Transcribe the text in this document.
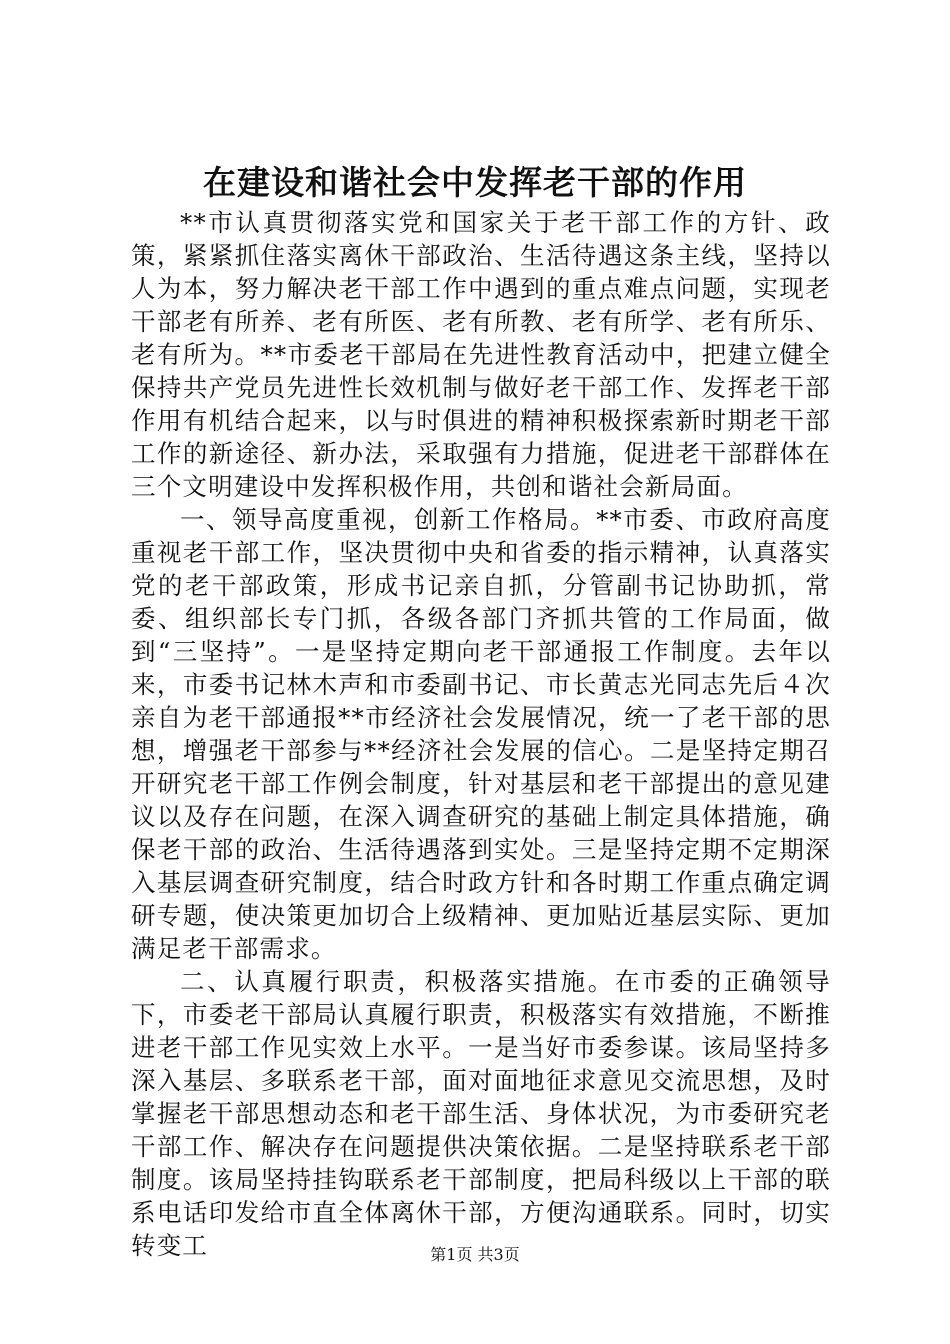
在建设和谐社会中发挥老干部的作用

**市认真贯彻落实党和国家关于老干部工作的方针、政策，紧紧抓住落实离休干部政治、生活待遇这条主线，坚持以人为本，努力解决老干部工作中遇到的重点难点问题，实现老干部老有所养、老有所医、老有所教、老有所学、老有所乐、老有所为。**市委老干部局在先进性教育活动中，把建立健全保持共产党员先进性长效机制与做好老干部工作、发挥老干部作用有机结合起来，以与时俱进的精神积极探索新时期老干部工作的新途径、新办法，采取强有力措施，促进老干部群体在三个文明建设中发挥积极作用，共创和谐社会新局面。

一、领导高度重视，创新工作格局。**市委、市政府高度重视老干部工作，坚决贯彻中央和省委的指示精神，认真落实党的老干部政策，形成书记亲自抓，分管副书记协助抓，常委、组织部长专门抓，各级各部门齐抓共管的工作局面，做到“三坚持”。一是坚持定期向老干部通报工作制度。去年以来，市委书记林木声和市委副书记、市长黄志光同志先后４次亲自为老干部通报**市经济社会发展情况，统一了老干部的思想，增强老干部参与**经济社会发展的信心。二是坚持定期召开研究老干部工作例会制度，针对基层和老干部提出的意见建议以及存在问题，在深入调查研究的基础上制定具体措施，确保老干部的政治、生活待遇落到实处。三是坚持定期不定期深入基层调查研究制度，结合时政方针和各时期工作重点确定调研专题，使决策更加切合上级精神、更加贴近基层实际、更加满足老干部需求。

二、认真履行职责，积极落实措施。在市委的正确领导下，市委老干部局认真履行职责，积极落实有效措施，不断推进老干部工作见实效上水平。一是当好市委参谋。该局坚持多深入基层、多联系老干部，面对面地征求意见交流思想，及时掌握老干部思想动态和老干部生活、身体状况，为市委研究老干部工作、解决存在问题提供决策依据。二是坚持联系老干部制度。该局坚持挂钩联系老干部制度，把局科级以上干部的联系电话印发给市直全体离休干部，方便沟通联系。同时，切实转变工	第1页 共3页
